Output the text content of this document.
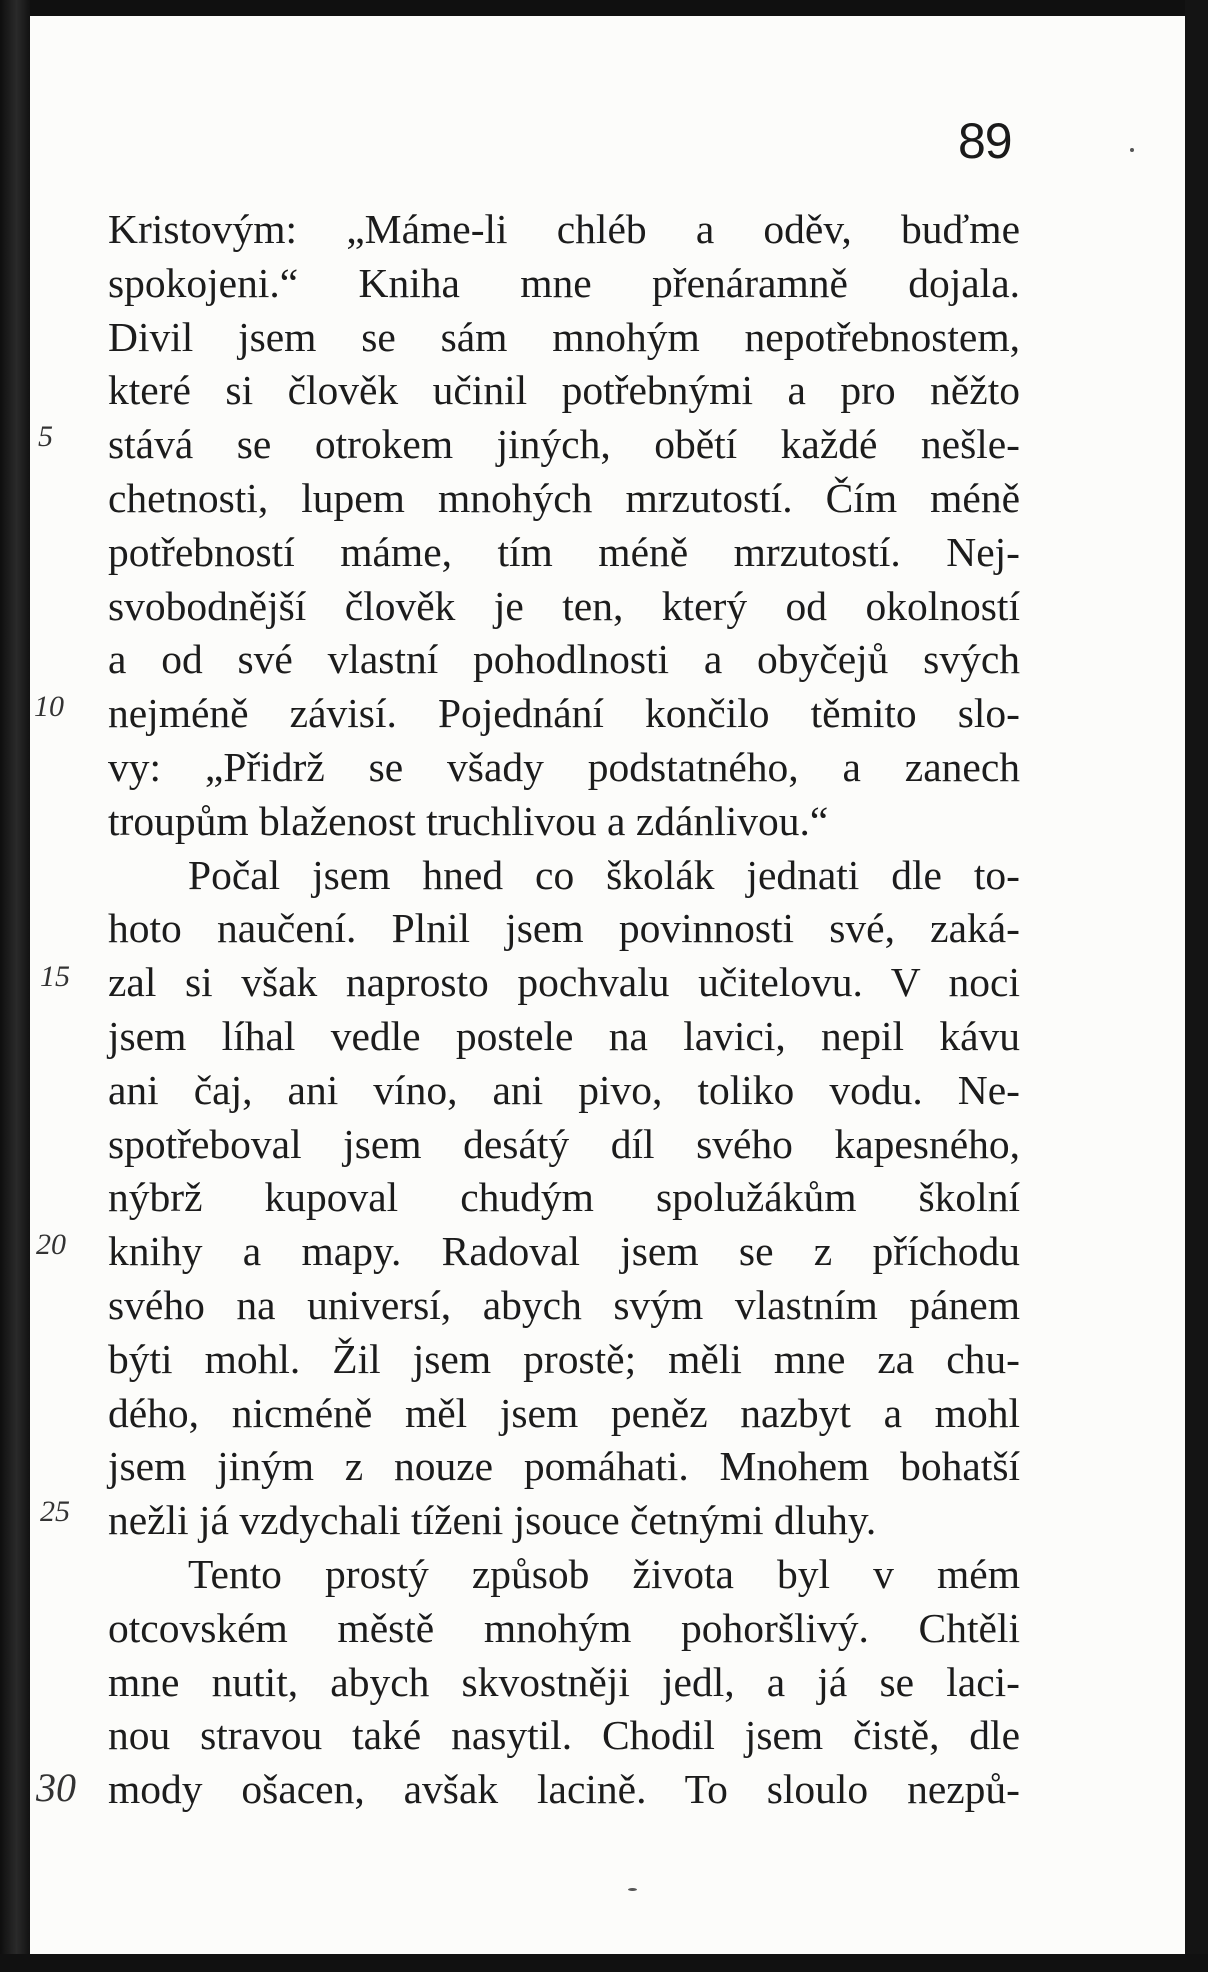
89
5
10
15
20
25
30
Kristovým: „Máme-li chléb a oděv, buďme
spokojeni.“ Kniha mne přenáramně dojala.
Divil jsem se sám mnohým nepotřebnostem,
které si člověk učinil potřebnými a pro něžto
stává se otrokem jiných, obětí každé nešle-
chetnosti, lupem mnohých mrzutostí. Čím méně
potřebností máme, tím méně mrzutostí. Nej-
svobodnější člověk je ten, který od okolností
a od své vlastní pohodlnosti a obyčejů svých
nejméně závisí. Pojednání končilo těmito slo-
vy: „Přidrž se všady podstatného, a zanech
troupům blaženost truchlivou a zdánlivou.“
Počal jsem hned co školák jednati dle to-
hoto naučení. Plnil jsem povinnosti své, zaká-
zal si však naprosto pochvalu učitelovu. V noci
jsem líhal vedle postele na lavici, nepil kávu
ani čaj, ani víno, ani pivo, toliko vodu. Ne-
spotřeboval jsem desátý díl svého kapesného,
nýbrž kupoval chudým spolužákům školní
knihy a mapy. Radoval jsem se z příchodu
svého na universí, abych svým vlastním pánem
býti mohl. Žil jsem prostě; měli mne za chu-
dého, nicméně měl jsem peněz nazbyt a mohl
jsem jiným z nouze pomáhati. Mnohem bohatší
nežli já vzdychali tíženi jsouce četnými dluhy.
Tento prostý způsob života byl v mém
otcovském městě mnohým pohoršlivý. Chtěli
mne nutit, abych skvostněji jedl, a já se laci-
nou stravou také nasytil. Chodil jsem čistě, dle
mody ošacen, avšak lacině. To sloulo nezpů-
